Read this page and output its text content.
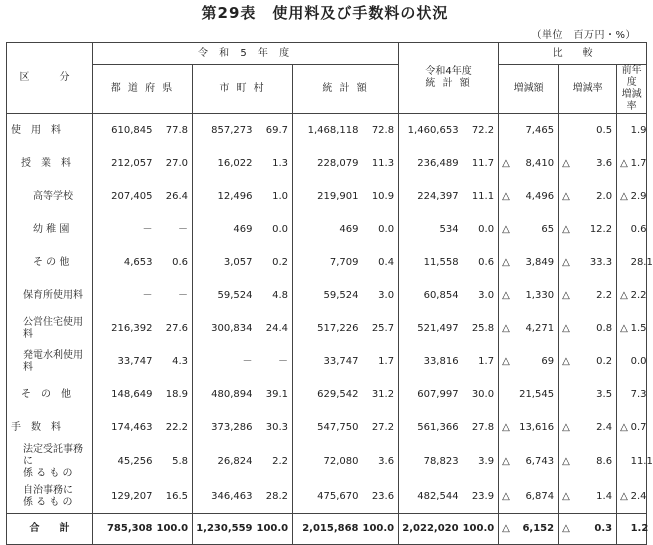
第29表　使用料及び手数料の状況
（単位　百万円・%）
区　分	令 和 5 年 度						令和4年度
統 計 額		比　　較					
	都 道 府 県		市 町 村		統 計 額				増減額		増減率		前年度
増減率	

使　用　料	610,845	77.8	857,273	69.7	1,468,118	72.8	1,460,653	72.2		7,465		0.5		1.9
授　業　料	212,057	27.0	16,022	1.3	228,079	11.3	236,489	11.7	△	8,410	△	3.6	△	1.7
高等学校	207,405	26.4	12,496	1.0	219,901	10.9	224,397	11.1	△	4,496	△	2.0	△	2.9
幼 稚 園	－	－	469	0.0	469	0.0	534	0.0	△	65	△	12.2		0.6
そ の 他	4,653	0.6	3,057	0.2	7,709	0.4	11,558	0.6	△	3,849	△	33.3		28.1
保育所使用料	－	－	59,524	4.8	59,524	3.0	60,854	3.0	△	1,330	△	2.2	△	2.2
公営住宅使用料	216,392	27.6	300,834	24.4	517,226	25.7	521,497	25.8	△	4,271	△	0.8	△	1.5
発電水利使用料	33,747	4.3	－	－	33,747	1.7	33,816	1.7	△	69	△	0.2		0.0
そ　の　他	148,649	18.9	480,894	39.1	629,542	31.2	607,997	30.0		21,545		3.5		7.3
手　数　料	174,463	22.2	373,286	30.3	547,750	27.2	561,366	27.8	△	13,616	△	2.4	△	0.7

法定受託事務に
係 る も の	45,256	5.8	26,824	2.2	72,080	3.6	78,823	3.9	△	6,743	△	8.6		11.1

自治事務に
係 る も の	129,207	16.5	346,463	28.2	475,670	23.6	482,544	23.9	△	6,874	△	1.4	△	2.4
合　　計	785,308	100.0	1,230,559	100.0	2,015,868	100.0	2,022,020	100.0	△	6,152	△	0.3		1.2
